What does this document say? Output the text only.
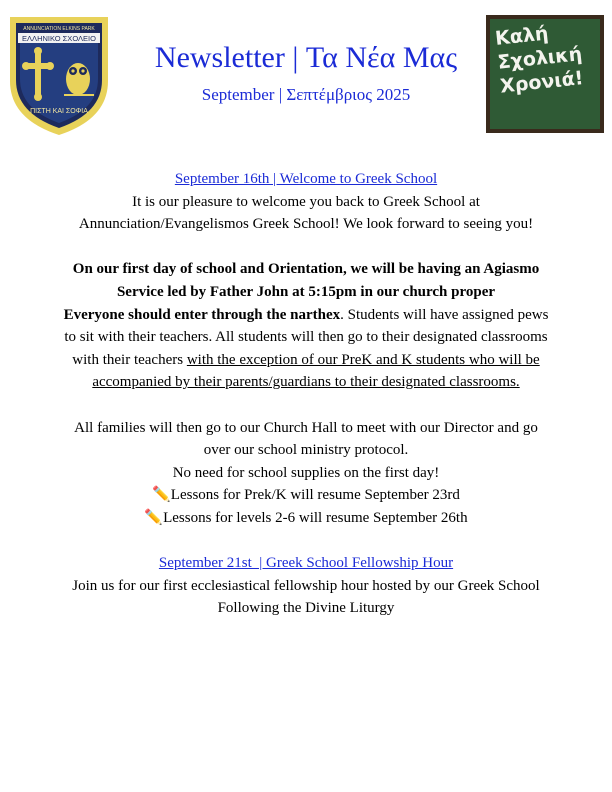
ANNUNCIATION ELKINS PARK
ΕΛΛΗΝΙΚΟ ΣΧΟΛΕΙΟ
ΠΙΣΤΗ ΚΑΙ ΣΟΦΙΑ
Newsletter | Τα Νέα Μας
September | Σεπτέμβριος 2025
Καλή
Σχολική
Χρονιά!

September 16th | Welcome to Greek School

It is our pleasure to welcome you back to Greek School at

Annunciation/Evangelismos Greek School! We look forward to seeing you!

On our first day of school and Orientation, we will be having an Agiasmo

Service led by Father John at 5:15pm in our church proper

Everyone should enter through the narthex. Students will have assigned pews

to sit with their teachers. All students will then go to their designated classrooms

with their teachers with the exception of our PreK and K students who will be

accompanied by their parents/guardians to their designated classrooms.

All families will then go to our Church Hall to meet with our Director and go

over our school ministry protocol.

No need for school supplies on the first day!

✏️Lessons for Prek/K will resume September 23rd

✏️Lessons for levels 2-6 will resume September 26th

September 21st  | Greek School Fellowship Hour

Join us for our first ecclesiastical fellowship hour hosted by our Greek School

Following the Divine Liturgy
